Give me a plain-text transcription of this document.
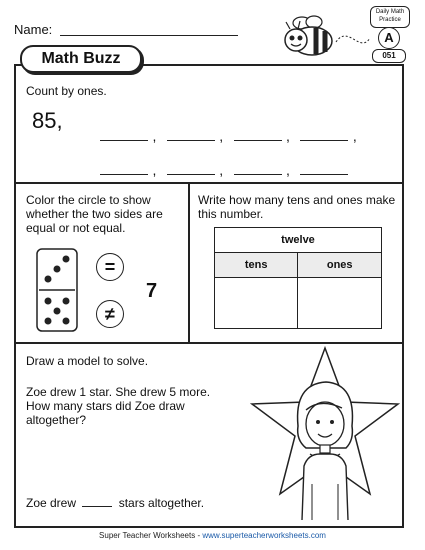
Name:
Daily Math Practice
A
051
Math Buzz
Count by ones.
85,
,	,	,	,
,	,	,
Color the circle to show whether the two sides are equal or not equal.
=
≠
7
Write how many tens and ones make this number.
twelve	
tens	ones

Draw a model to solve.
Zoe drew 1 star. She drew 5 more. How many stars did Zoe draw altogether?
Zoe drew	stars altogether.
Super Teacher Worksheets - www.superteacherworksheets.com
